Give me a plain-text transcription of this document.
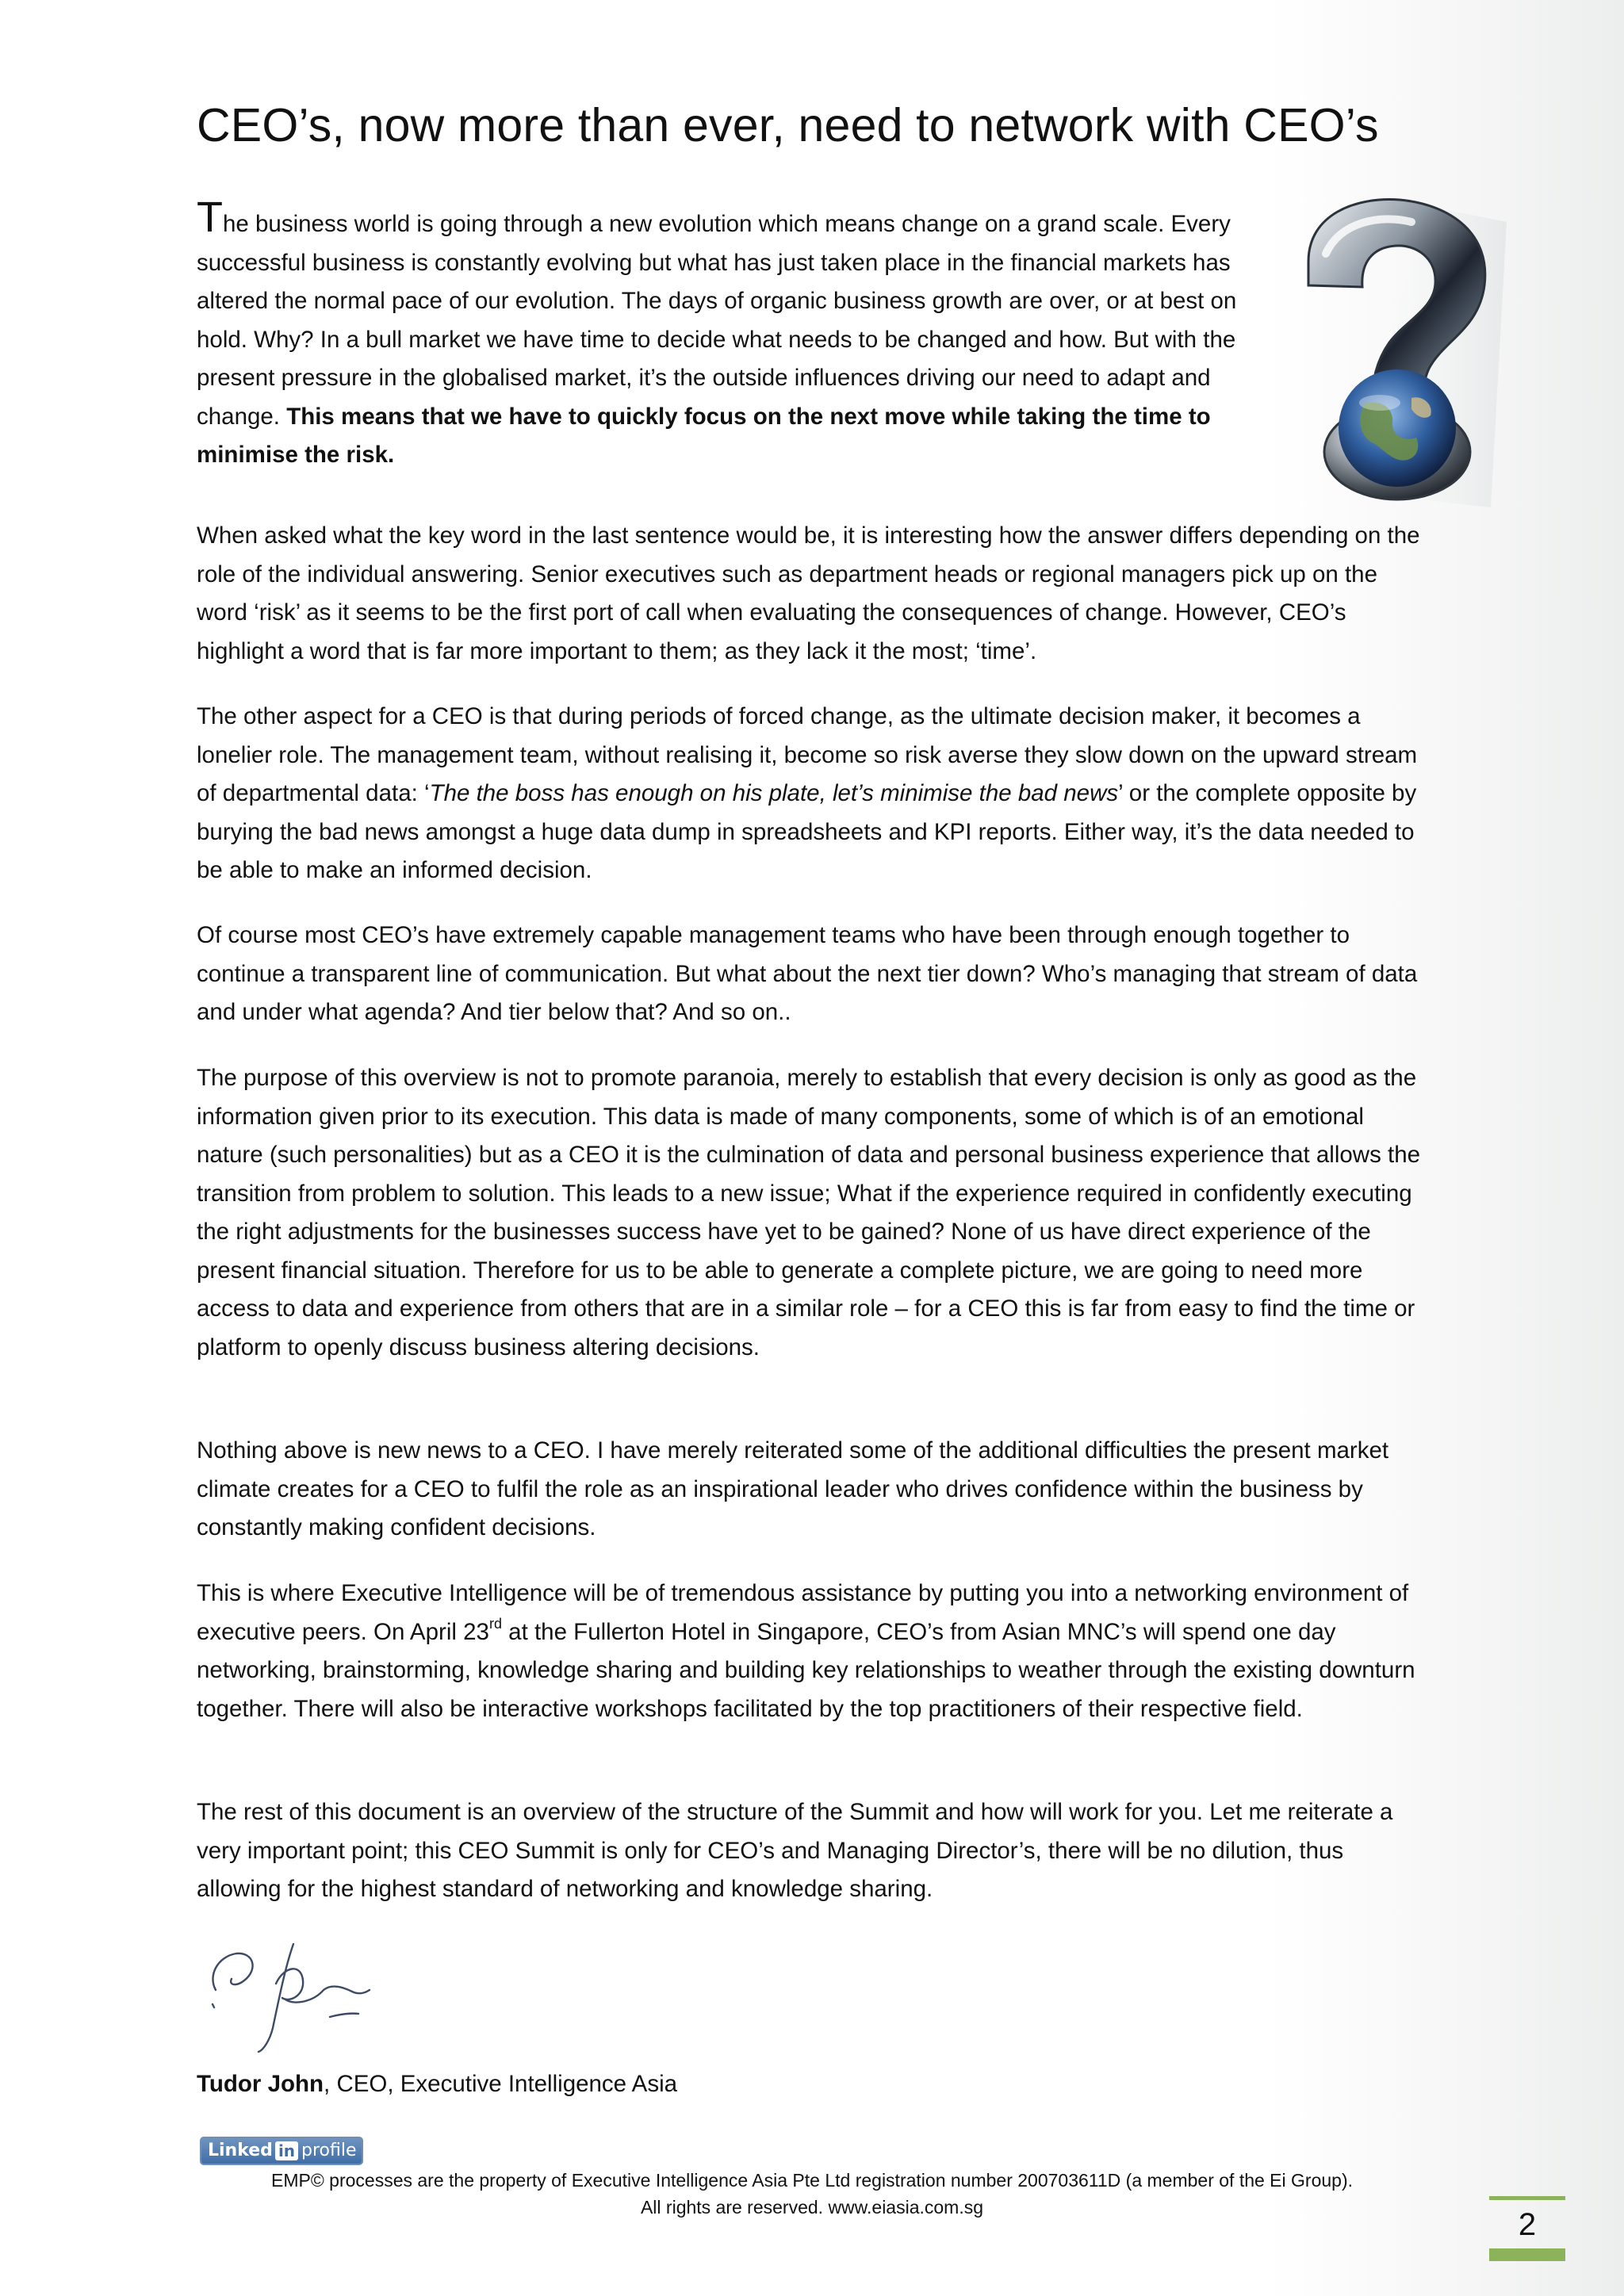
CEO’s, now more than ever, need to network with CEO’s

The business world is going through a new evolution which means change on a grand scale. Every successful business is constantly evolving but what has just taken place in the financial markets has altered the normal pace of our evolution. The days of organic business growth are over, or at best on hold. Why? In a bull market we have time to decide what needs to be changed and how. But with the present pressure in the globalised market, it’s the outside influences driving our need to adapt and change. This means that we have to quickly focus on the next move while taking the time to minimise the risk.

When asked what the key word in the last sentence would be, it is interesting how the answer differs depending on the role of the individual answering. Senior executives such as department heads or regional managers pick up on the word ‘risk’ as it seems to be the first port of call when evaluating the consequences of change. However, CEO’s highlight a word that is far more important to them; as they lack it the most; ‘time’.

The other aspect for a CEO is that during periods of forced change, as the ultimate decision maker, it becomes a lonelier role. The management team, without realising it, become so risk averse they slow down on the upward stream of departmental data: ‘The the boss has enough on his plate, let’s minimise the bad news’ or the complete opposite by burying the bad news amongst a huge data dump in spreadsheets and KPI reports. Either way, it’s the data needed to be able to make an informed decision.

Of course most CEO’s have extremely capable management teams who have been through enough together to continue a transparent line of communication. But what about the next tier down? Who’s managing that stream of data and under what agenda? And tier below that? And so on..

The purpose of this overview is not to promote paranoia, merely to establish that every decision is only as good as the information given prior to its execution. This data is made of many components, some of which is of an emotional nature (such personalities) but as a CEO it is the culmination of data and personal business experience that allows the transition from problem to solution. This leads to a new issue; What if the experience required in confidently executing the right adjustments for the businesses success have yet to be gained? None of us have direct experience of the present financial situation. Therefore for us to be able to generate a complete picture, we are going to need more access to data and experience from others that are in a similar role – for a CEO this is far from easy to find the time or platform to openly discuss business altering decisions.

Nothing above is new news to a CEO. I have merely reiterated some of the additional difficulties the present market climate creates for a CEO to fulfil the role as an inspirational leader who drives confidence within the business by constantly making confident decisions.

This is where Executive Intelligence will be of tremendous assistance by putting you into a networking environment of executive peers. On April 23rd at the Fullerton Hotel in Singapore, CEO’s from Asian MNC’s will spend one day networking, brainstorming, knowledge sharing and building key relationships to weather through the existing downturn together. There will also be interactive workshops facilitated by the top practitioners of their respective field.

The rest of this document is an overview of the structure of the Summit and how will work for you. Let me reiterate a very important point; this CEO Summit is only for CEO’s and Managing Director’s, there will be no dilution, thus allowing for the highest standard of networking and knowledge sharing.

Tudor John, CEO, Executive Intelligence Asia

Linked in profile

EMP© processes are the property of Executive Intelligence Asia Pte Ltd registration number 200703611D (a member of the Ei Group).
All rights are reserved. www.eiasia.com.sg	2
